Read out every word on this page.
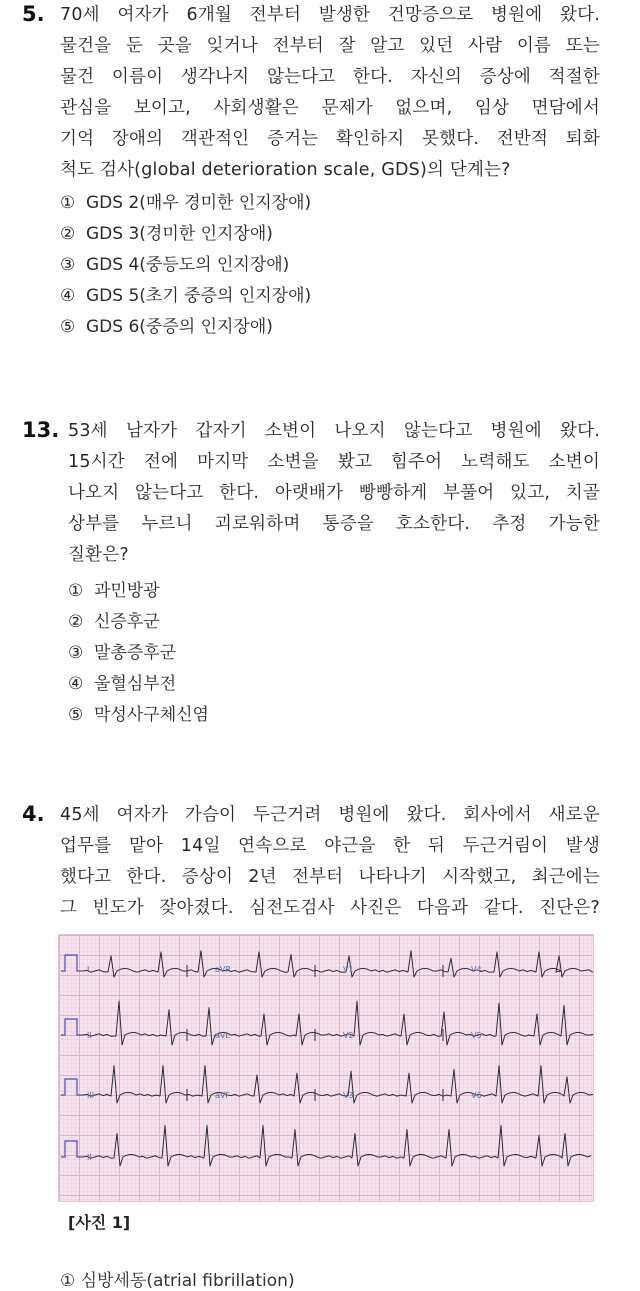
5. 70세 여자가 6개월 전부터 발생한 건망증으로 병원에 왔다.
물건을 둔 곳을 잊거나 전부터 잘 알고 있던 사람 이름 또는
물건 이름이 생각나지 않는다고 한다. 자신의 증상에 적절한
관심을 보이고, 사회생활은 문제가 없으며, 임상 면담에서
기억 장애의 객관적인 증거는 확인하지 못했다. 전반적 퇴화
척도 검사(global deterioration scale, GDS)의 단계는?
① GDS 2(매우 경미한 인지장애)
② GDS 3(경미한 인지장애)
③ GDS 4(중등도의 인지장애)
④ GDS 5(초기 중증의 인지장애)
⑤ GDS 6(중증의 인지장애)
13. 53세 남자가 갑자기 소변이 나오지 않는다고 병원에 왔다.
15시간 전에 마지막 소변을 봤고 힘주어 노력해도 소변이
나오지 않는다고 한다. 아랫배가 빵빵하게 부풀어 있고, 치골
상부를 누르니 괴로워하며 통증을 호소한다. 추정 가능한
질환은?
① 과민방광
② 신증후군
③ 말총증후군
④ 울혈심부전
⑤ 막성사구체신염
4. 45세 여자가 가슴이 두근거려 병원에 왔다. 회사에서 새로운
업무를 맡아 14일 연속으로 야근을 한 뒤 두근거림이 발생
했다고 한다. 증상이 2년 전부터 나타나기 시작했고, 최근에는
그 빈도가 잦아졌다. 심전도검사 사진은 다음과 같다. 진단은?
I	aVR	V1	V4
II	aVL	V2	V5
III	aVF	V3	V6
II
[사진 1]
① 심방세동(atrial fibrillation)
